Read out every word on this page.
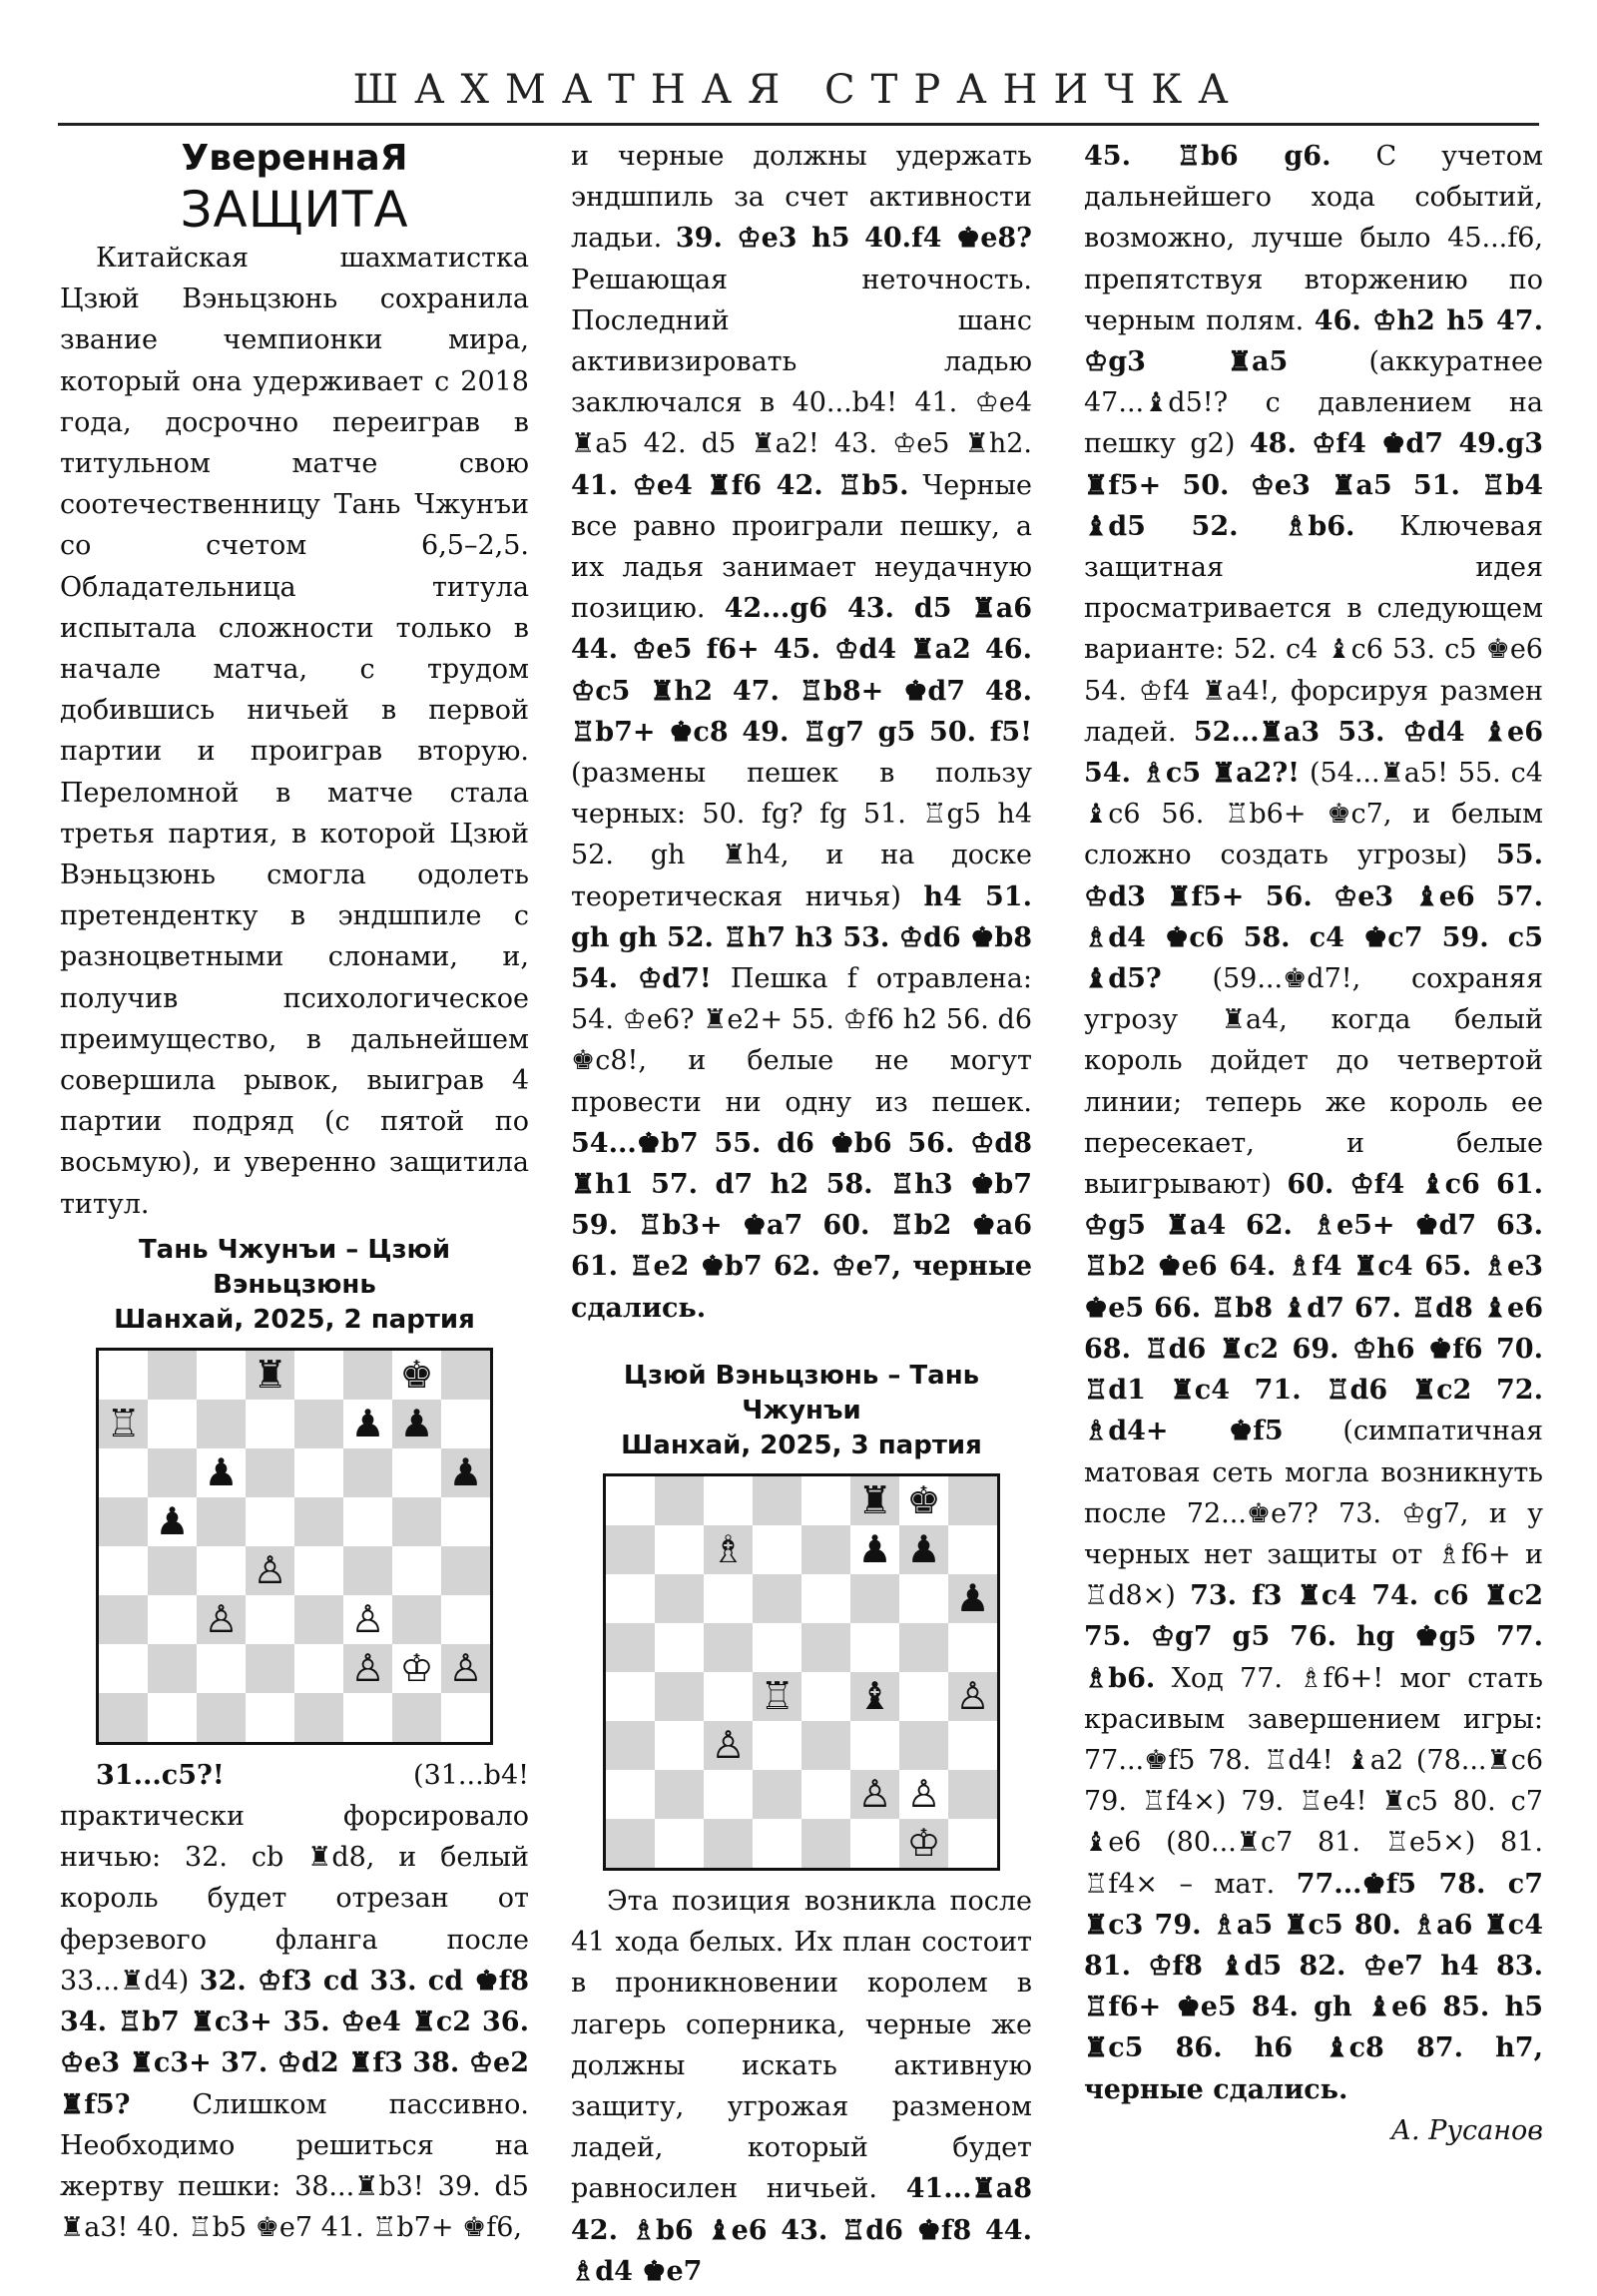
ШАХМАТНАЯ СТРАНИЧКА

УвереннаЯ

ЗАЩИТА

Китайская шахматистка Цзюй Вэньцзюнь сохранила звание чемпионки мира, который она удерживает с 2018 года, досрочно переиграв в титульном матче свою соотечественницу Тань Чжунъи со счетом 6,5–2,5. Обладательница титула испытала сложности только в начале матча, с трудом добившись ничьей в первой партии и проиграв вторую. Переломной в матче стала третья партия, в которой Цзюй Вэньцзюнь смогла одолеть претендентку в эндшпиле с разноцветными слонами, и, получив психологическое преимущество, в дальнейшем совершила рывок, выиграв 4 партии подряд (с пятой по восьмую), и уверенно защитила титул.

Тань Чжунъи – Цзюй Вэньцзюнь
Шанхай, 2025, 2 партия
♜	♚
♖	♟ ♟
♟	♟
♟
♙
♙	♙
♙ ♔ ♙

31...c5?! (31...b4! практически форсировало ничью: 32. cb ♜d8, и белый король будет отрезан от ферзевого фланга после 33...♜d4) 32. ♔f3 cd 33. cd ♚f8 34. ♖b7 ♜c3+ 35. ♔e4 ♜c2 36. ♔e3 ♜c3+ 37. ♔d2 ♜f3 38. ♔e2 ♜f5? Слишком пассивно. Необходимо решиться на жертву пешки: 38...♜b3! 39. d5 ♜a3! 40. ♖b5 ♚e7 41. ♖b7+ ♚f6,

и черные должны удержать эндшпиль за счет активности ладьи. 39. ♔e3 h5 40.f4 ♚e8? Решающая неточность. Последний шанс активизировать ладью заключался в 40...b4! 41. ♔e4 ♜a5 42. d5 ♜a2! 43. ♔e5 ♜h2. 41. ♔e4 ♜f6 42. ♖b5. Черные все равно проиграли пешку, а их ладья занимает неудачную позицию. 42...g6 43. d5 ♜a6 44. ♔e5 f6+ 45. ♔d4 ♜a2 46. ♔c5 ♜h2 47. ♖b8+ ♚d7 48. ♖b7+ ♚c8 49. ♖g7 g5 50. f5! (размены пешек в пользу черных: 50. fg? fg 51. ♖g5 h4 52. gh ♜h4, и на доске теоретическая ничья) h4 51. gh gh 52. ♖h7 h3 53. ♔d6 ♚b8 54. ♔d7! Пешка f отравлена: 54. ♔e6? ♜e2+ 55. ♔f6 h2 56. d6 ♚c8!, и белые не могут провести ни одну из пешек. 54...♚b7 55. d6 ♚b6 56. ♔d8 ♜h1 57. d7 h2 58. ♖h3 ♚b7 59. ♖b3+ ♚a7 60. ♖b2 ♚a6 61. ♖e2 ♚b7 62. ♔e7, черные сдались.

Цзюй Вэньцзюнь – Тань Чжунъи
Шанхай, 2025, 3 партия
♜ ♚
♗	♟ ♟
♟
♖ ♝ ♙
♙
♙ ♙
♔

Эта позиция возникла после 41 хода белых. Их план состоит в проникновении королем в лагерь соперника, черные же должны искать активную защиту, угрожая разменом ладей, который будет равносилен ничьей. 41...♜a8 42. ♗b6 ♝e6 43. ♖d6 ♚f8 44. ♗d4 ♚e7

45. ♖b6 g6. С учетом дальнейшего хода событий, возможно, лучше было 45...f6, препятствуя вторжению по черным полям. 46. ♔h2 h5 47. ♔g3 ♜a5 (аккуратнее 47...♝d5!? с давлением на пешку g2) 48. ♔f4 ♚d7 49.g3 ♜f5+ 50. ♔e3 ♜a5 51. ♖b4 ♝d5 52. ♗b6. Ключевая защитная идея просматривается в следующем варианте: 52. c4 ♝c6 53. c5 ♚e6 54. ♔f4 ♜a4!, форсируя размен ладей. 52...♜a3 53. ♔d4 ♝e6 54. ♗c5 ♜a2?! (54...♜a5! 55. c4 ♝c6 56. ♖b6+ ♚c7, и белым сложно создать угрозы) 55. ♔d3 ♜f5+ 56. ♔e3 ♝e6 57. ♗d4 ♚c6 58. c4 ♚c7 59. c5 ♝d5? (59...♚d7!, сохраняя угрозу ♜a4, когда белый король дойдет до четвертой линии; теперь же король ее пересекает, и белые выигрывают) 60. ♔f4 ♝c6 61. ♔g5 ♜a4 62. ♗e5+ ♚d7 63. ♖b2 ♚e6 64. ♗f4 ♜c4 65. ♗e3 ♚e5 66. ♖b8 ♝d7 67. ♖d8 ♝e6 68. ♖d6 ♜c2 69. ♔h6 ♚f6 70. ♖d1 ♜c4 71. ♖d6 ♜c2 72. ♗d4+ ♚f5 (симпатичная матовая сеть могла возникнуть после 72...♚e7? 73. ♔g7, и у черных нет защиты от ♗f6+ и ♖d8×) 73. f3 ♜c4 74. c6 ♜c2 75. ♔g7 g5 76. hg ♚g5 77. ♗b6. Ход 77. ♗f6+! мог стать красивым завершением игры: 77...♚f5 78. ♖d4! ♝a2 (78...♜c6 79. ♖f4×) 79. ♖e4! ♜c5 80. c7 ♝e6 (80...♜c7 81. ♖e5×) 81. ♖f4× – мат. 77...♚f5 78. c7 ♜c3 79. ♗a5 ♜c5 80. ♗a6 ♜c4 81. ♔f8 ♝d5 82. ♔e7 h4 83. ♖f6+ ♚e5 84. gh ♝e6 85. h5 ♜c5 86. h6 ♝c8 87. h7, черные сдались.

А. Русанов
